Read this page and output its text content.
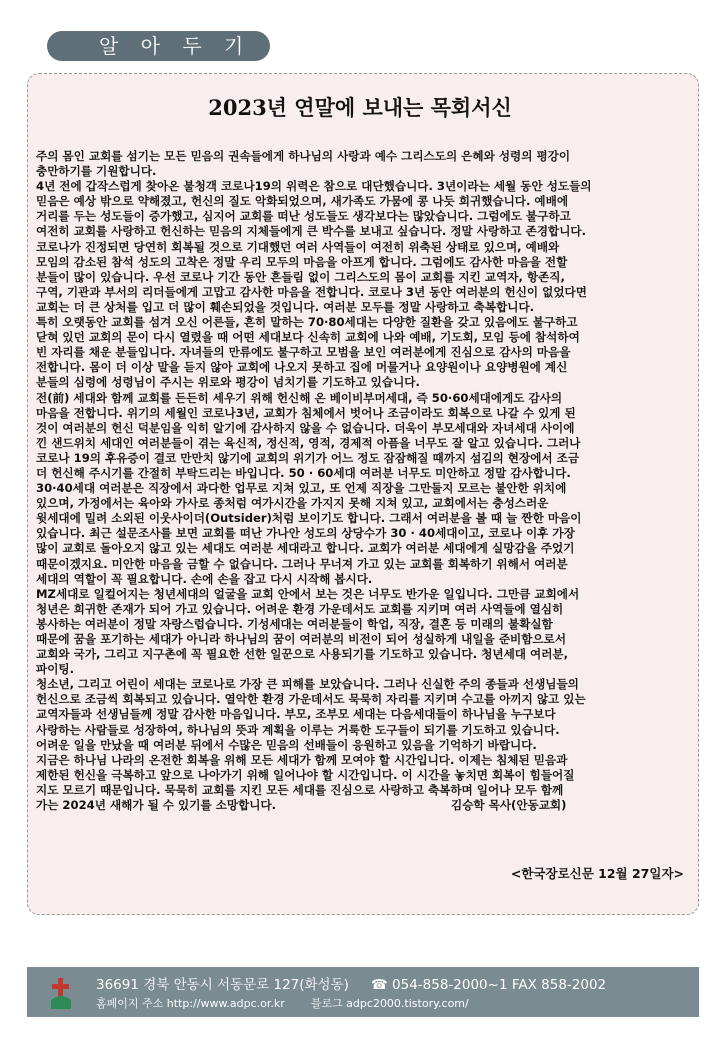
알 아 두 기
2023년 연말에 보내는 목회서신
주의 몸인 교회를 섬기는 모든 믿음의 권속들에게 하나님의 사랑과 예수 그리스도의 은혜와 성령의 평강이
충만하기를 기원합니다.
4년 전에 갑작스럽게 찾아온 불청객 코로나19의 위력은 참으로 대단했습니다. 3년이라는 세월 동안 성도들의
믿음은 예상 밖으로 약해졌고, 헌신의 질도 악화되었으며, 새가족도 가뭄에 콩 나듯 희귀했습니다. 예배에
거리를 두는 성도들이 증가했고, 심지어 교회를 떠난 성도들도 생각보다는 많았습니다. 그럼에도 불구하고
여전히 교회를 사랑하고 헌신하는 믿음의 지체들에게 큰 박수를 보내고 싶습니다. 정말 사랑하고 존경합니다.
코로나가 진정되면 당연히 회복될 것으로 기대했던 여러 사역들이 여전히 위축된 상태로 있으며, 예배와
모임의 감소된 참석 성도의 고착은 정말 우리 모두의 마음을 아프게 합니다. 그럼에도 감사한 마음을 전할
분들이 많이 있습니다. 우선 코로나 기간 동안 흔들림 없이 그리스도의 몸이 교회를 지킨 교역자, 항존직,
구역, 기관과 부서의 리더들에게 고맙고 감사한 마음을 전합니다. 코로나 3년 동안 여러분의 헌신이 없었다면
교회는 더 큰 상처를 입고 더 많이 훼손되었을 것입니다. 여러분 모두를 정말 사랑하고 축복합니다.
특히 오랫동안 교회를 섬겨 오신 어른들, 흔히 말하는 70·80세대는 다양한 질환을 갖고 있음에도 불구하고
닫혀 있던 교회의 문이 다시 열렸을 때 어떤 세대보다 신속히 교회에 나와 예배, 기도회, 모임 등에 참석하여
빈 자리를 채운 분들입니다. 자녀들의 만류에도 불구하고 모범을 보인 여러분에게 진심으로 감사의 마음을
전합니다. 몸이 더 이상 말을 듣지 않아 교회에 나오지 못하고 집에 머물거나 요양원이나 요양병원에 계신
분들의 심령에 성령님이 주시는 위로와 평강이 넘치기를 기도하고 있습니다.
전(前) 세대와 함께 교회를 든든히 세우기 위해 헌신해 온 베이비부머세대, 즉 50·60세대에게도 감사의
마음을 전합니다. 위기의 세월인 코로나3년, 교회가 침체에서 벗어나 조금이라도 회복으로 나갈 수 있게 된
것이 여러분의 헌신 덕분임을 익히 알기에 감사하지 않을 수 없습니다. 더욱이 부모세대와 자녀세대 사이에
낀 샌드위치 세대인 여러분들이 겪는 육신적, 정신적, 영적, 경제적 아픔을 너무도 잘 알고 있습니다. 그러나
코로나 19의 후유증이 결코 만만치 않기에 교회의 위기가 어느 정도 잠잠해질 때까지 섬김의 현장에서 조금
더 헌신해 주시기를 간절히 부탁드리는 바입니다. 50 · 60세대 여러분 너무도 미안하고 정말 감사합니다.
30·40세대 여러분은 직장에서 과다한 업무로 지쳐 있고, 또 언제 직장을 그만둘지 모르는 불안한 위치에
있으며, 가정에서는 육아와 가사로 종처럼 여가시간을 가지지 못해 지쳐 있고, 교회에서는 충성스러운
윗세대에 밀려 소외된 이웃사이더(Outsider)처럼 보이기도 합니다. 그래서 여러분을 볼 때 늘 짠한 마음이
있습니다. 최근 설문조사를 보면 교회를 떠난 가나안 성도의 상당수가 30 · 40세대이고, 코로나 이후 가장
많이 교회로 돌아오지 않고 있는 세대도 여러분 세대라고 합니다. 교회가 여러분 세대에게 실망감을 주었기
때문이겠지요. 미안한 마음을 금할 수 없습니다. 그러나 무너져 가고 있는 교회를 회복하기 위해서 여러분
세대의 역할이 꼭 필요합니다. 손에 손을 잡고 다시 시작해 봅시다.
MZ세대로 일컬어지는 청년세대의 얼굴을 교회 안에서 보는 것은 너무도 반가운 일입니다. 그만큼 교회에서
청년은 희귀한 존재가 되어 가고 있습니다. 어려운 환경 가운데서도 교회를 지키며 여러 사역들에 열심히
봉사하는 여러분이 정말 자랑스럽습니다. 기성세대는 여러분들이 학업, 직장, 결혼 등 미래의 불확실함
때문에 꿈을 포기하는 세대가 아니라 하나님의 꿈이 여러분의 비전이 되어 성실하게 내일을 준비함으로서
교회와 국가, 그리고 지구촌에 꼭 필요한 선한 일꾼으로 사용되기를 기도하고 있습니다. 청년세대 여러분,
파이팅.
청소년, 그리고 어린이 세대는 코로나로 가장 큰 피해를 보았습니다. 그러나 신실한 주의 종들과 선생님들의
헌신으로 조금씩 회복되고 있습니다. 열악한 환경 가운데서도 묵묵히 자리를 지키며 수고를 아끼지 않고 있는
교역자들과 선생님들께 정말 감사한 마음입니다. 부모, 조부모 세대는 다음세대들이 하나님을 누구보다
사랑하는 사람들로 성장하여, 하나님의 뜻과 계획을 이루는 거룩한 도구들이 되기를 기도하고 있습니다.
어려운 일을 만났을 때 여러분 뒤에서 수많은 믿음의 선배들이 응원하고 있음을 기억하기 바랍니다.
지금은 하나님 나라의 온전한 회복을 위해 모든 세대가 함께 모여야 할 시간입니다. 이제는 침체된 믿음과
제한된 헌신을 극복하고 앞으로 나아가기 위해 일어나야 할 시간입니다. 이 시간을 놓치면 회복이 힘들어질
지도 모르기 때문입니다. 묵묵히 교회를 지킨 모든 세대를 진심으로 사랑하고 축복하며 일어나 모두 함께
가는 2024년 새해가 될 수 있기를 소망합니다.	김승학 목사(안동교회)
<한국장로신문 12월 27일자>
36691 경북 안동시 서동문로 127(화성동) ☎ 054-858-2000~1 FAX 858-2002
홈페이지 주소 http://www.adpc.or.kr 블로그 adpc2000.tistory.com/
